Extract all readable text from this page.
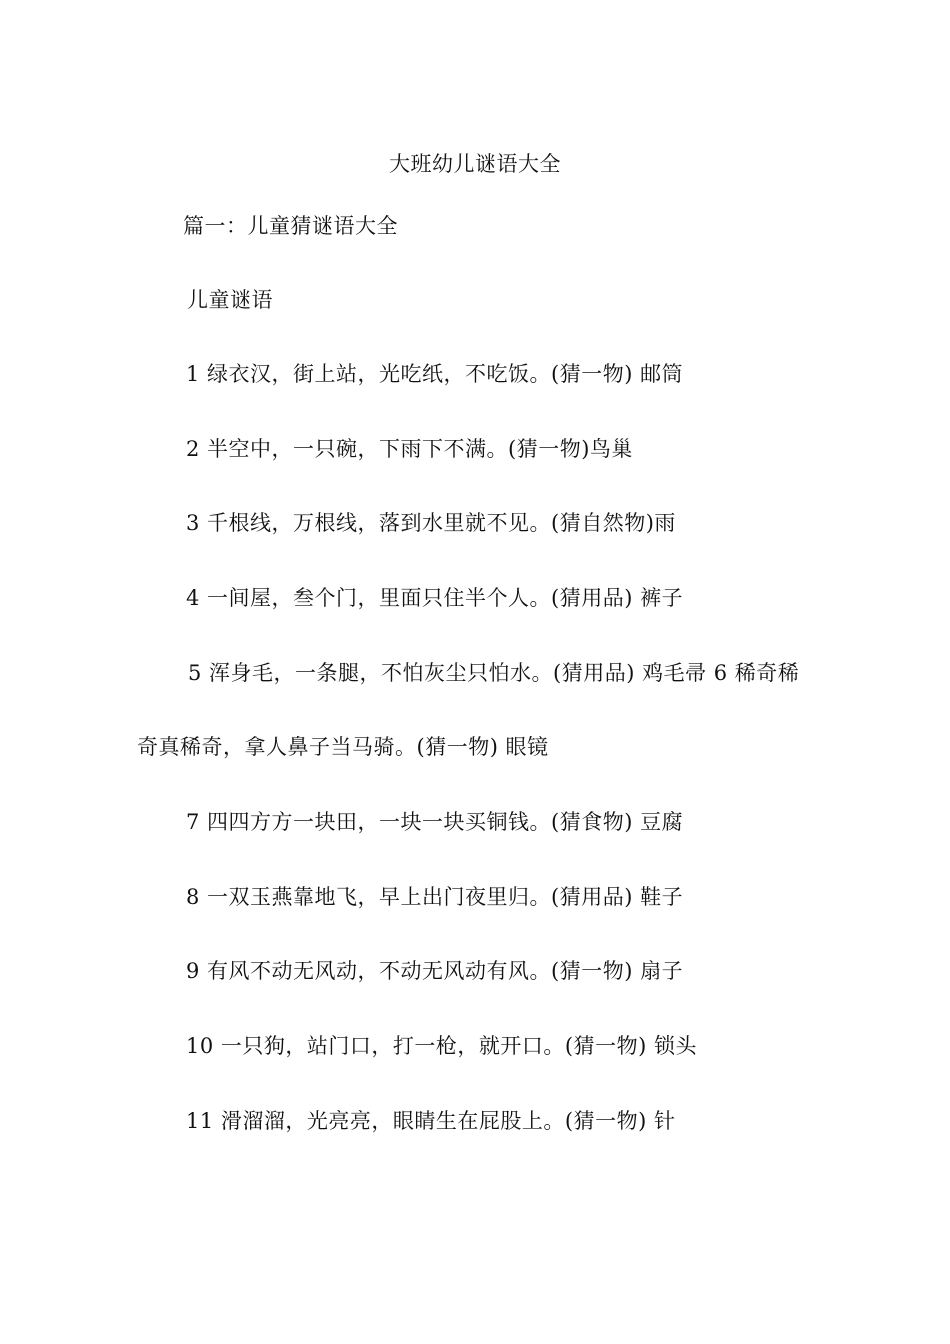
大班幼儿谜语大全
篇一：儿童猜谜语大全
儿童谜语
1 绿衣汉，街上站，光吃纸，不吃饭。(猜一物) 邮筒
2 半空中，一只碗，下雨下不满。(猜一物)鸟巢
3 千根线，万根线，落到水里就不见。(猜自然物)雨
4 一间屋，叁个门，里面只住半个人。(猜用品) 裤子
5 浑身毛，一条腿，不怕灰尘只怕水。(猜用品) 鸡毛帚 6 稀奇稀
奇真稀奇，拿人鼻子当马骑。(猜一物) 眼镜
7 四四方方一块田，一块一块买铜钱。(猜食物) 豆腐
8 一双玉燕靠地飞，早上出门夜里归。(猜用品) 鞋子
9 有风不动无风动，不动无风动有风。(猜一物) 扇子
10 一只狗，站门口，打一枪，就开口。(猜一物) 锁头
11 滑溜溜，光亮亮，眼睛生在屁股上。(猜一物) 针
